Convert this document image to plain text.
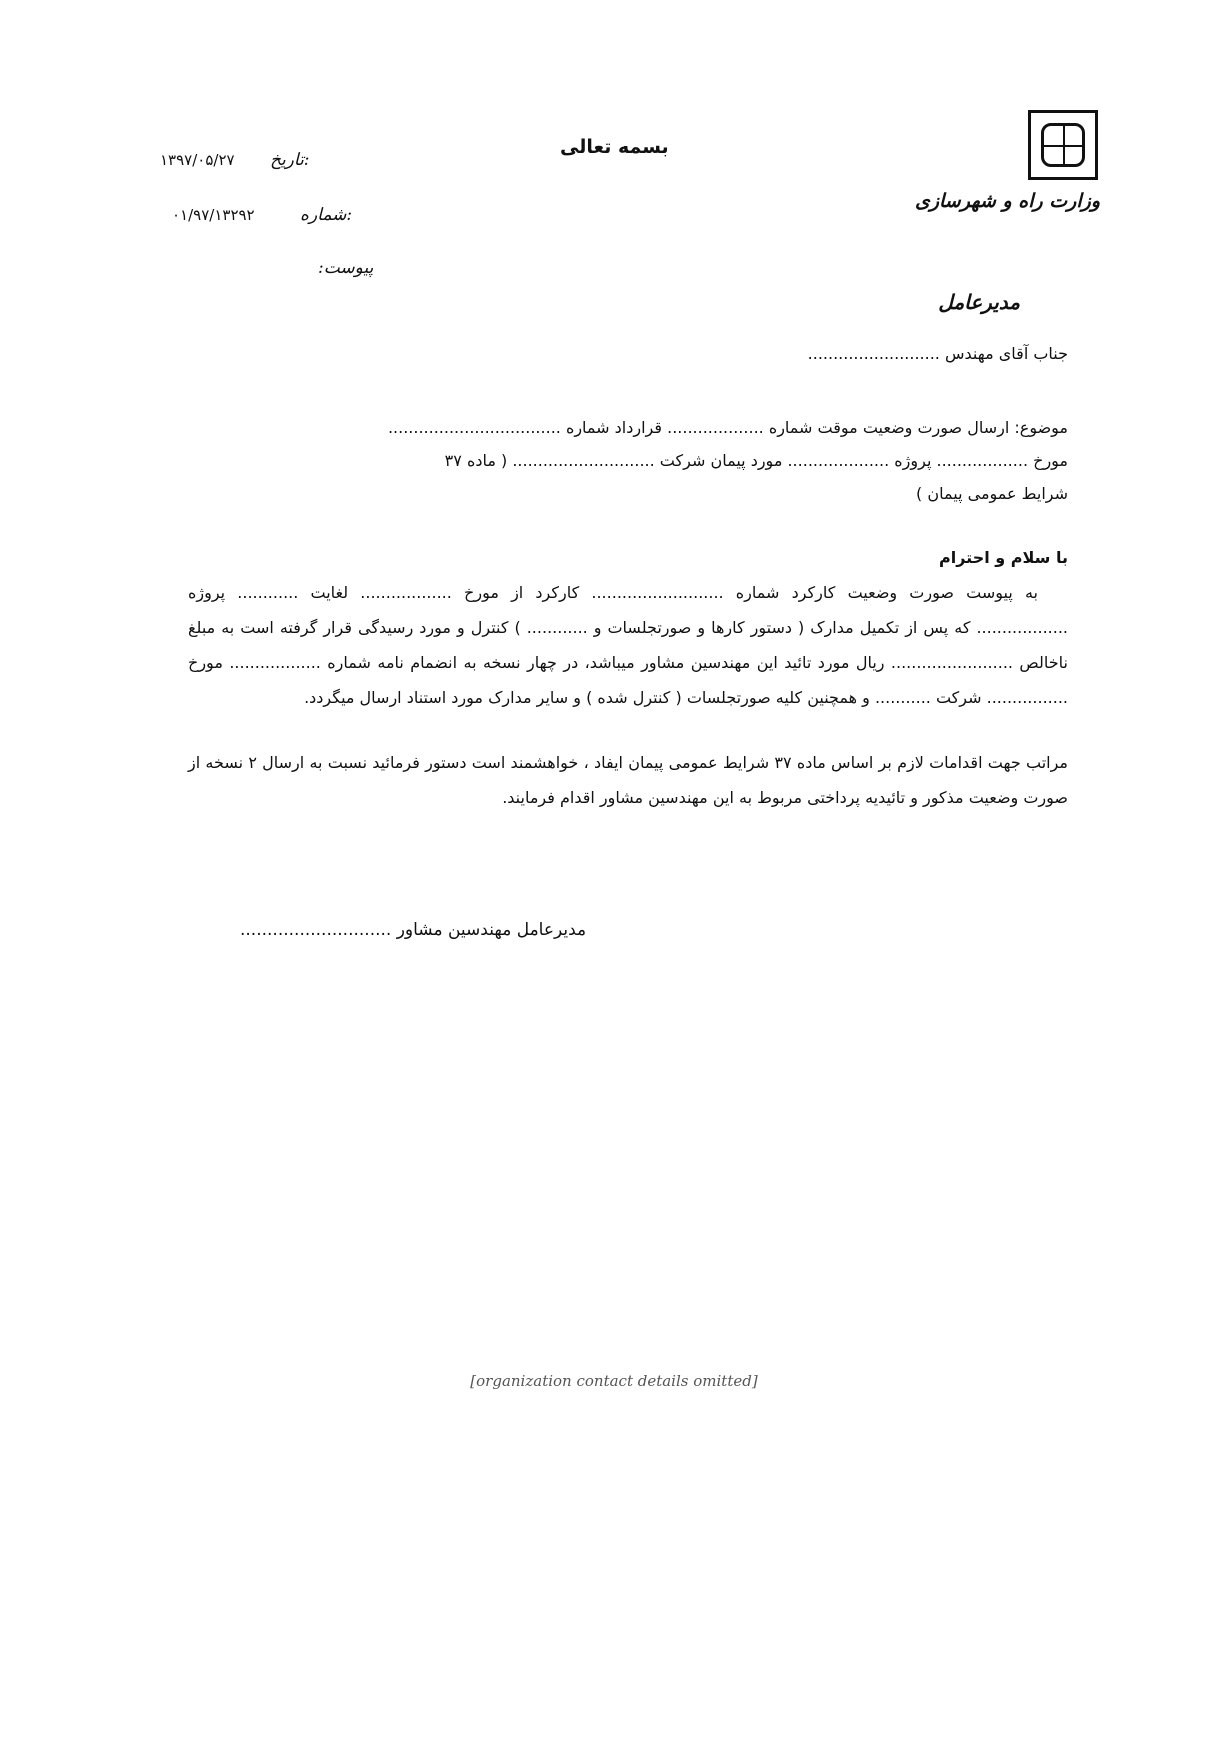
بسمه تعالی
وزارت راه و شهرسازی
مدیرعامل
۱۳۹۷/۰۵/۲۷ تاریخ:
۰۱/۹۷/۱۳۲۹۲	شماره:
پیوست:
جناب آقای مهندس ..........................
موضوع: ارسال صورت وضعیت موقت شماره ................... قرارداد شماره ..................................
مورخ .................. پروژه .................... مورد پیمان شرکت ............................ ( ماده ۳۷
شرایط عمومی پیمان )
با سلام و احترام
به پیوست صورت وضعیت کارکرد شماره .......................... کارکرد از مورخ .................. لغایت ............ پروژه .................. که پس از تکمیل مدارک ( دستور کارها و صورتجلسات و ............ ) کنترل و مورد رسیدگی قرار گرفته است به مبلغ ناخالص ........................ ریال مورد تائید این مهندسین مشاور میباشد، در چهار نسخه به انضمام نامه شماره .................. مورخ ................ شرکت ........... و همچنین کلیه صورتجلسات ( کنترل شده ) و سایر مدارک مورد استناد ارسال میگردد.
مراتب جهت اقدامات لازم بر اساس ماده ۳۷ شرایط عمومی پیمان ایفاد ، خواهشمند است دستور فرمائید نسبت به ارسال ۲ نسخه از صورت وضعیت مذکور و تائیدیه پرداختی مربوط به این مهندسین مشاور اقدام فرمایند.
مدیرعامل مهندسین مشاور ............................
[organization contact details omitted]
